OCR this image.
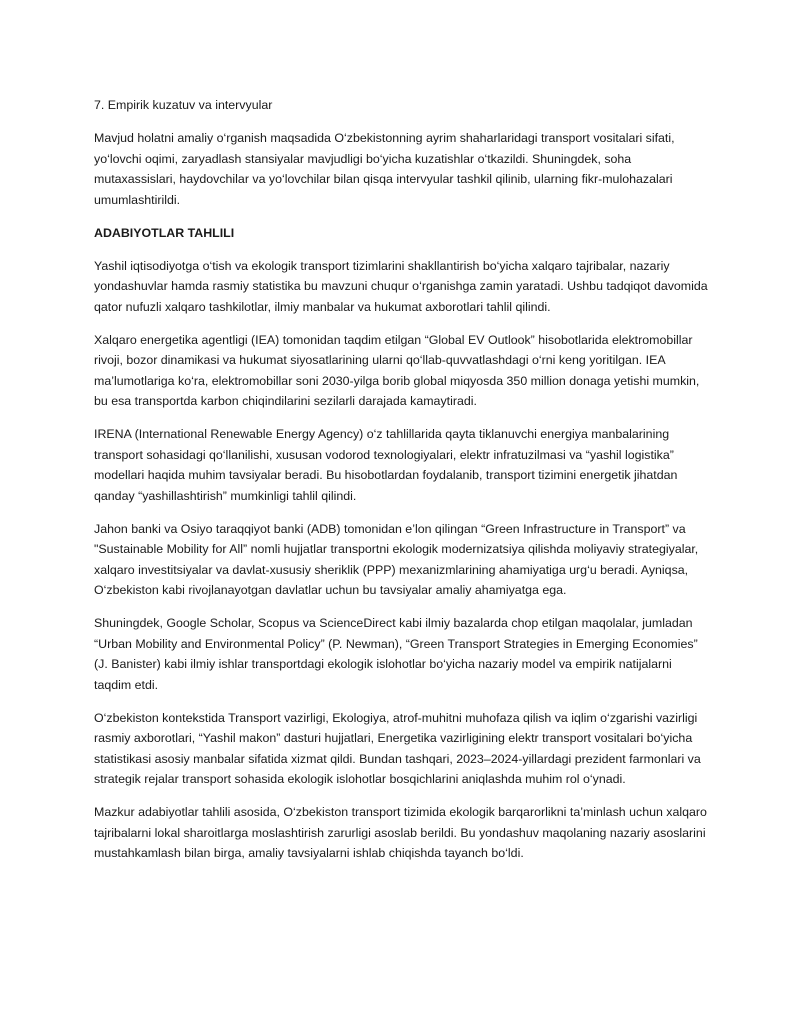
7. Empirik kuzatuv va intervyular

Mavjud holatni amaliy o‘rganish maqsadida O‘zbekistonning ayrim shaharlaridagi transport vositalari sifati, yo‘lovchi oqimi, zaryadlash stansiyalar mavjudligi bo‘yicha kuzatishlar o‘tkazildi. Shuningdek, soha mutaxassislari, haydovchilar va yo‘lovchilar bilan qisqa intervyular tashkil qilinib, ularning fikr-mulohazalari umumlashtirildi.

ADABIYOTLAR TAHLILI

Yashil iqtisodiyotga o‘tish va ekologik transport tizimlarini shakllantirish bo‘yicha xalqaro tajribalar, nazariy yondashuvlar hamda rasmiy statistika bu mavzuni chuqur o‘rganishga zamin yaratadi. Ushbu tadqiqot davomida qator nufuzli xalqaro tashkilotlar, ilmiy manbalar va hukumat axborotlari tahlil qilindi.

Xalqaro energetika agentligi (IEA) tomonidan taqdim etilgan “Global EV Outlook” hisobotlarida elektromobillar rivoji, bozor dinamikasi va hukumat siyosatlarining ularni qo‘llab-quvvatlashdagi o‘rni keng yoritilgan. IEA ma’lumotlariga ko‘ra, elektromobillar soni 2030-yilga borib global miqyosda 350 million donaga yetishi mumkin, bu esa transportda karbon chiqindilarini sezilarli darajada kamaytiradi.

IRENA (International Renewable Energy Agency) o‘z tahlillarida qayta tiklanuvchi energiya manbalarining transport sohasidagi qo‘llanilishi, xususan vodorod texnologiyalari, elektr infratuzilmasi va “yashil logistika” modellari haqida muhim tavsiyalar beradi. Bu hisobotlardan foydalanib, transport tizimini energetik jihatdan qanday “yashillashtirish” mumkinligi tahlil qilindi.

Jahon banki va Osiyo taraqqiyot banki (ADB) tomonidan e’lon qilingan “Green Infrastructure in Transport” va "Sustainable Mobility for All” nomli hujjatlar transportni ekologik modernizatsiya qilishda moliyaviy strategiyalar, xalqaro investitsiyalar va davlat-xususiy sheriklik (PPP) mexanizmlarining ahamiyatiga urg‘u beradi. Ayniqsa, O‘zbekiston kabi rivojlanayotgan davlatlar uchun bu tavsiyalar amaliy ahamiyatga ega.

Shuningdek, Google Scholar, Scopus va ScienceDirect kabi ilmiy bazalarda chop etilgan maqolalar, jumladan “Urban Mobility and Environmental Policy” (P. Newman), “Green Transport Strategies in Emerging Economies” (J. Banister) kabi ilmiy ishlar transportdagi ekologik islohotlar bo‘yicha nazariy model va empirik natijalarni taqdim etdi.

O‘zbekiston kontekstida Transport vazirligi, Ekologiya, atrof-muhitni muhofaza qilish va iqlim o‘zgarishi vazirligi rasmiy axborotlari, “Yashil makon” dasturi hujjatlari, Energetika vazirligining elektr transport vositalari bo‘yicha statistikasi asosiy manbalar sifatida xizmat qildi. Bundan tashqari, 2023–2024-yillardagi prezident farmonlari va strategik rejalar transport sohasida ekologik islohotlar bosqichlarini aniqlashda muhim rol o‘ynadi.

Mazkur adabiyotlar tahlili asosida, O‘zbekiston transport tizimida ekologik barqarorlikni ta’minlash uchun xalqaro tajribalarni lokal sharoitlarga moslashtirish zarurligi asoslab berildi. Bu yondashuv maqolaning nazariy asoslarini mustahkamlash bilan birga, amaliy tavsiyalarni ishlab chiqishda tayanch bo‘ldi.
